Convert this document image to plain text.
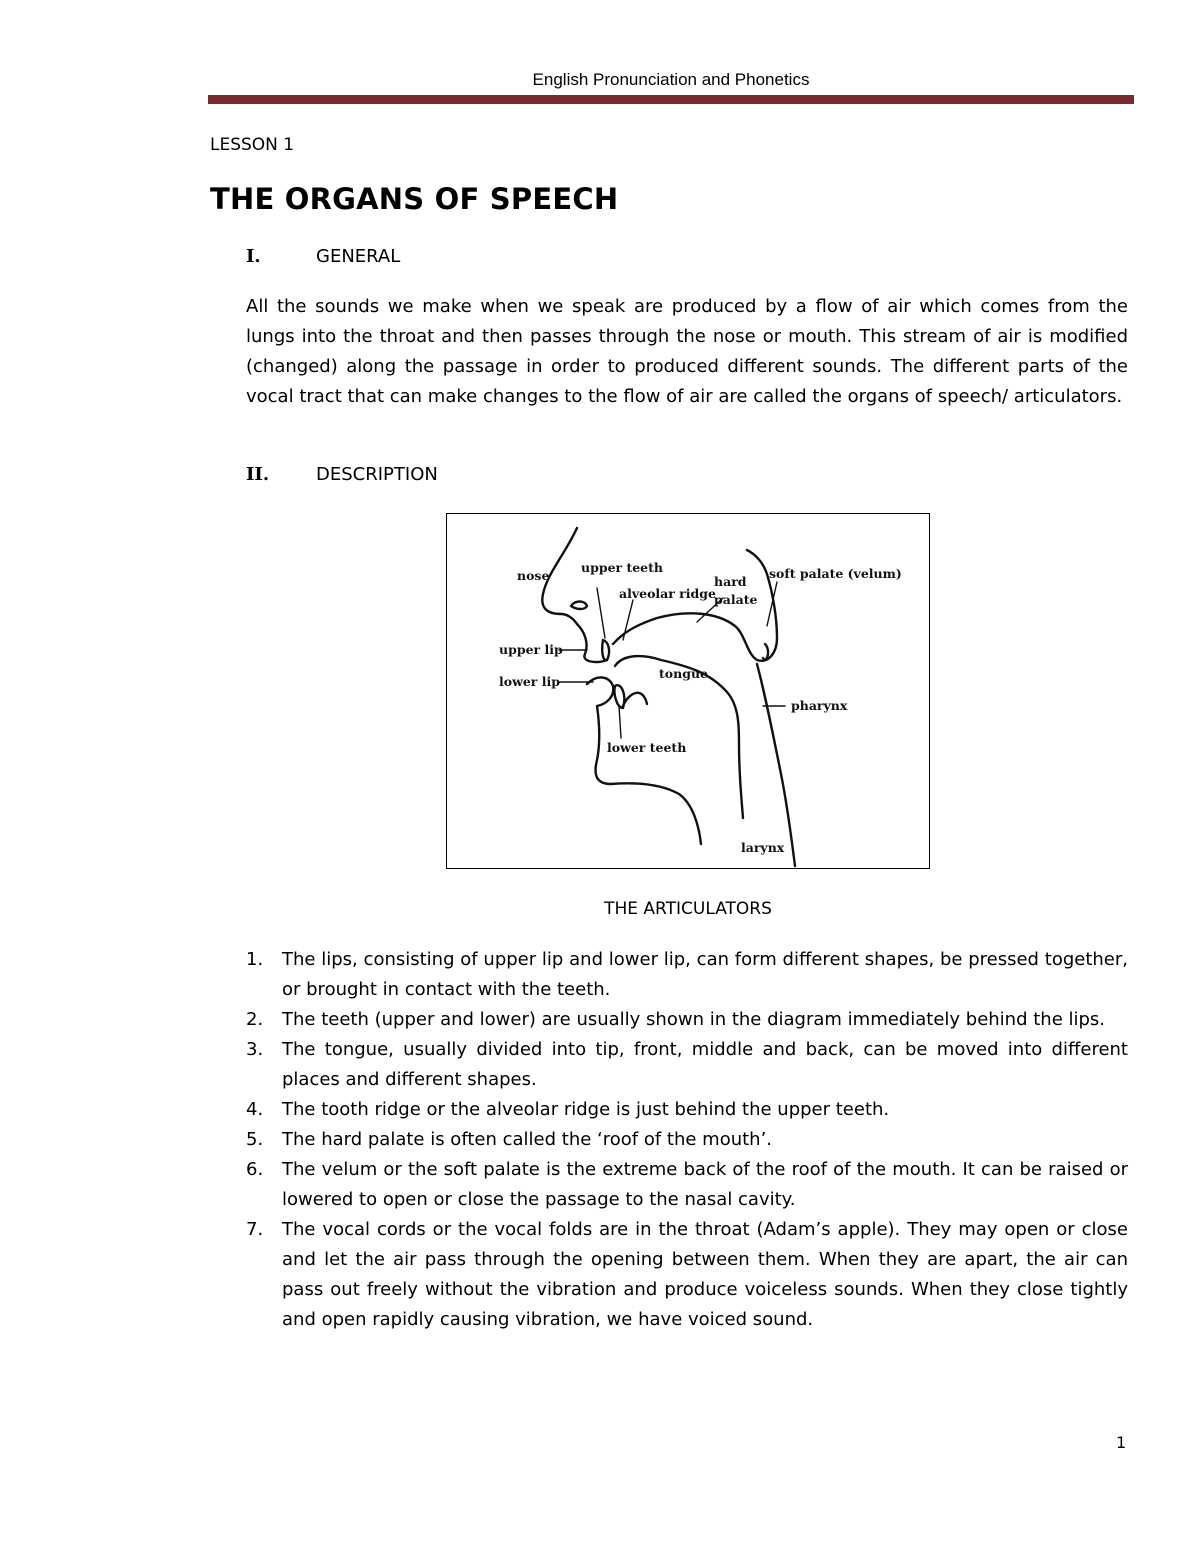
English Pronunciation and Phonetics
LESSON 1
THE ORGANS OF SPEECH
I.	GENERAL

All the sounds we make when we speak are produced by a flow of air which comes from the lungs into the throat and then passes through the nose or mouth. This stream of air is modified (changed) along the passage in order to produced different sounds. The different parts of the vocal tract that can make changes to the flow of air are called the organs of speech/ articulators.

II.	DESCRIPTION
nose
upper teeth
alveolar ridge
hard
palate
soft palate (velum)
upper lip
lower lip
tongue
pharynx
lower teeth
larynx
THE ARTICULATORS
1. The lips, consisting of upper lip and lower lip, can form different shapes, be pressed together, or brought in contact with the teeth.
2. The teeth (upper and lower) are usually shown in the diagram immediately behind the lips.
3. The tongue, usually divided into tip, front, middle and back, can be moved into different places and different shapes.
4. The tooth ridge or the alveolar ridge is just behind the upper teeth.
5. The hard palate is often called the ‘roof of the mouth’.
6. The velum or the soft palate is the extreme back of the roof of the mouth. It can be raised or lowered to open or close the passage to the nasal cavity.
7. The vocal cords or the vocal folds are in the throat (Adam’s apple). They may open or close and let the air pass through the opening between them. When they are apart, the air can pass out freely without the vibration and produce voiceless sounds. When they close tightly and open rapidly causing vibration, we have voiced sound.
1
